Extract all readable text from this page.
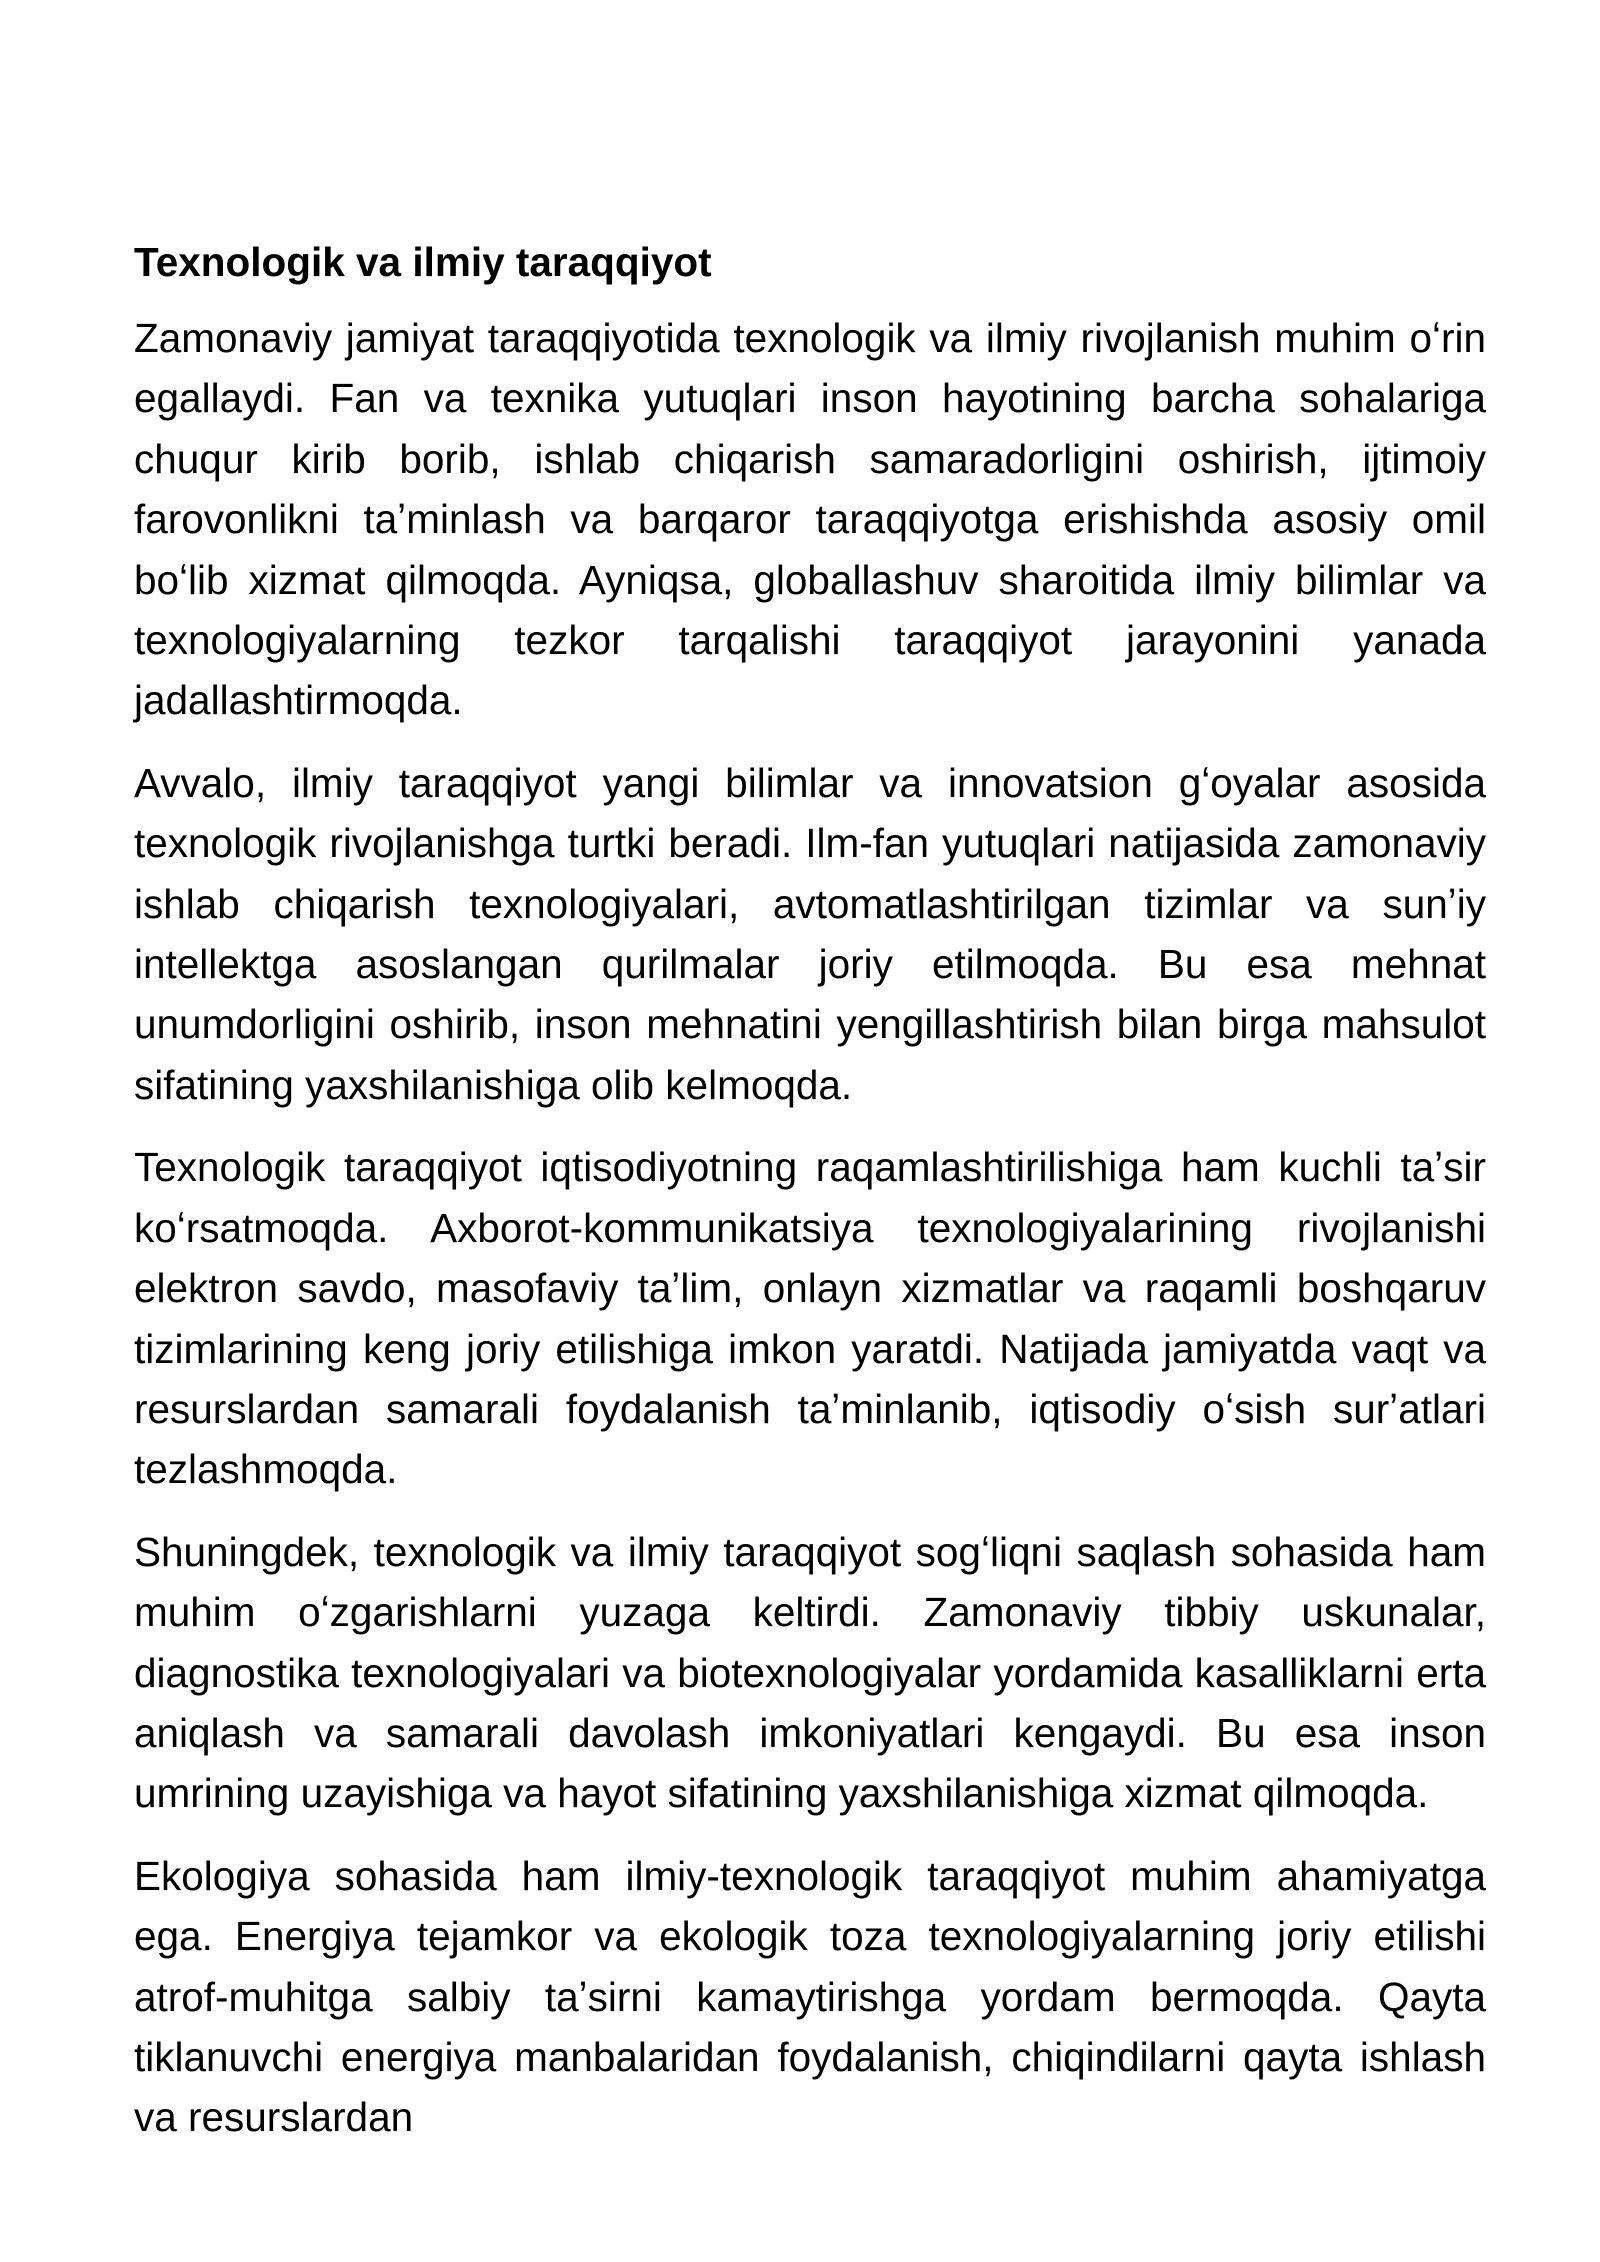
Texnologik va ilmiy taraqqiyot

Zamonaviy jamiyat taraqqiyotida texnologik va ilmiy rivojlanish muhim oʻrin egallaydi. Fan va texnika yutuqlari inson hayotining barcha sohalariga chuqur kirib borib, ishlab chiqarish samaradorligini oshirish, ijtimoiy farovonlikni taʼminlash va barqaror taraqqiyotga erishishda asosiy omil boʻlib xizmat qilmoqda. Ayniqsa, globallashuv sharoitida ilmiy bilimlar va texnologiyalarning tezkor tarqalishi taraqqiyot jarayonini yanada jadallashtirmoqda.

Avvalo, ilmiy taraqqiyot yangi bilimlar va innovatsion gʻoyalar asosida texnologik rivojlanishga turtki beradi. Ilm-fan yutuqlari natijasida zamonaviy ishlab chiqarish texnologiyalari, avtomatlashtirilgan tizimlar va sunʼiy intellektga asoslangan qurilmalar joriy etilmoqda. Bu esa mehnat unumdorligini oshirib, inson mehnatini yengillashtirish bilan birga mahsulot sifatining yaxshilanishiga olib kelmoqda.

Texnologik taraqqiyot iqtisodiyotning raqamlashtirilishiga ham kuchli taʼsir koʻrsatmoqda. Axborot-kommunikatsiya texnologiyalarining rivojlanishi elektron savdo, masofaviy taʼlim, onlayn xizmatlar va raqamli boshqaruv tizimlarining keng joriy etilishiga imkon yaratdi. Natijada jamiyatda vaqt va resurslardan samarali foydalanish taʼminlanib, iqtisodiy oʻsish surʼatlari tezlashmoqda.

Shuningdek, texnologik va ilmiy taraqqiyot sogʻliqni saqlash sohasida ham muhim oʻzgarishlarni yuzaga keltirdi. Zamonaviy tibbiy uskunalar, diagnostika texnologiyalari va biotexnologiyalar yordamida kasalliklarni erta aniqlash va samarali davolash imkoniyatlari kengaydi. Bu esa inson umrining uzayishiga va hayot sifatining yaxshilanishiga xizmat qilmoqda.

Ekologiya sohasida ham ilmiy-texnologik taraqqiyot muhim ahamiyatga ega. Energiya tejamkor va ekologik toza texnologiyalarning joriy etilishi atrof-muhitga salbiy taʼsirni kamaytirishga yordam bermoqda. Qayta tiklanuvchi energiya manbalaridan foydalanish, chiqindilarni qayta ishlash va resurslardan
